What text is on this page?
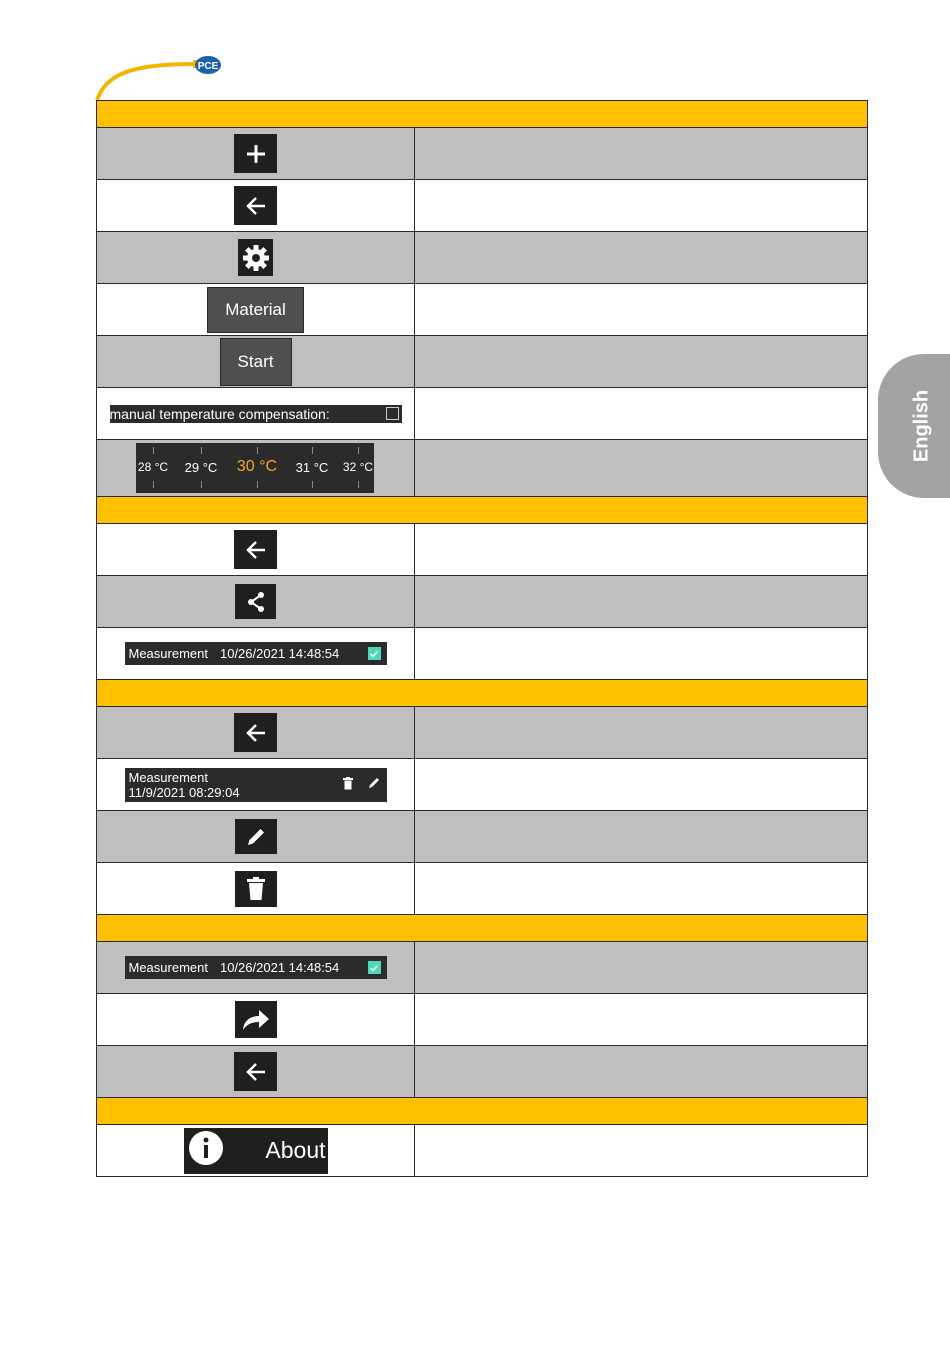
PCE
English
Material
Start
manual temperature compensation:
28 °C 29 °C 30 °C 31 °C 32 °C
Measurement 10/26/2021 14:48:54
Measurement
11/9/2021 08:29:04
Measurement 10/26/2021 14:48:54
About
